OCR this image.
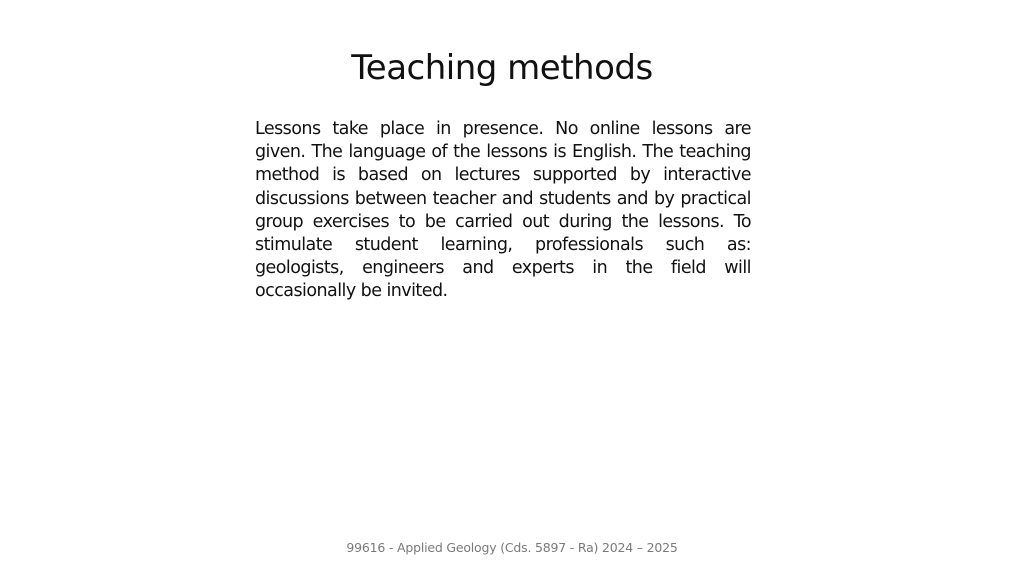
Teaching methods

Lessons take place in presence. No online lessons are given. The language of the lessons is English. The teaching method is based on lectures supported by interactive discussions between teacher and students and by practical group exercises to be carried out during the lessons. To stimulate student learning, professionals such as: geologists, engineers and experts in the field will occasionally be invited.

99616 - Applied Geology (Cds. 5897 - Ra) 2024 – 2025
